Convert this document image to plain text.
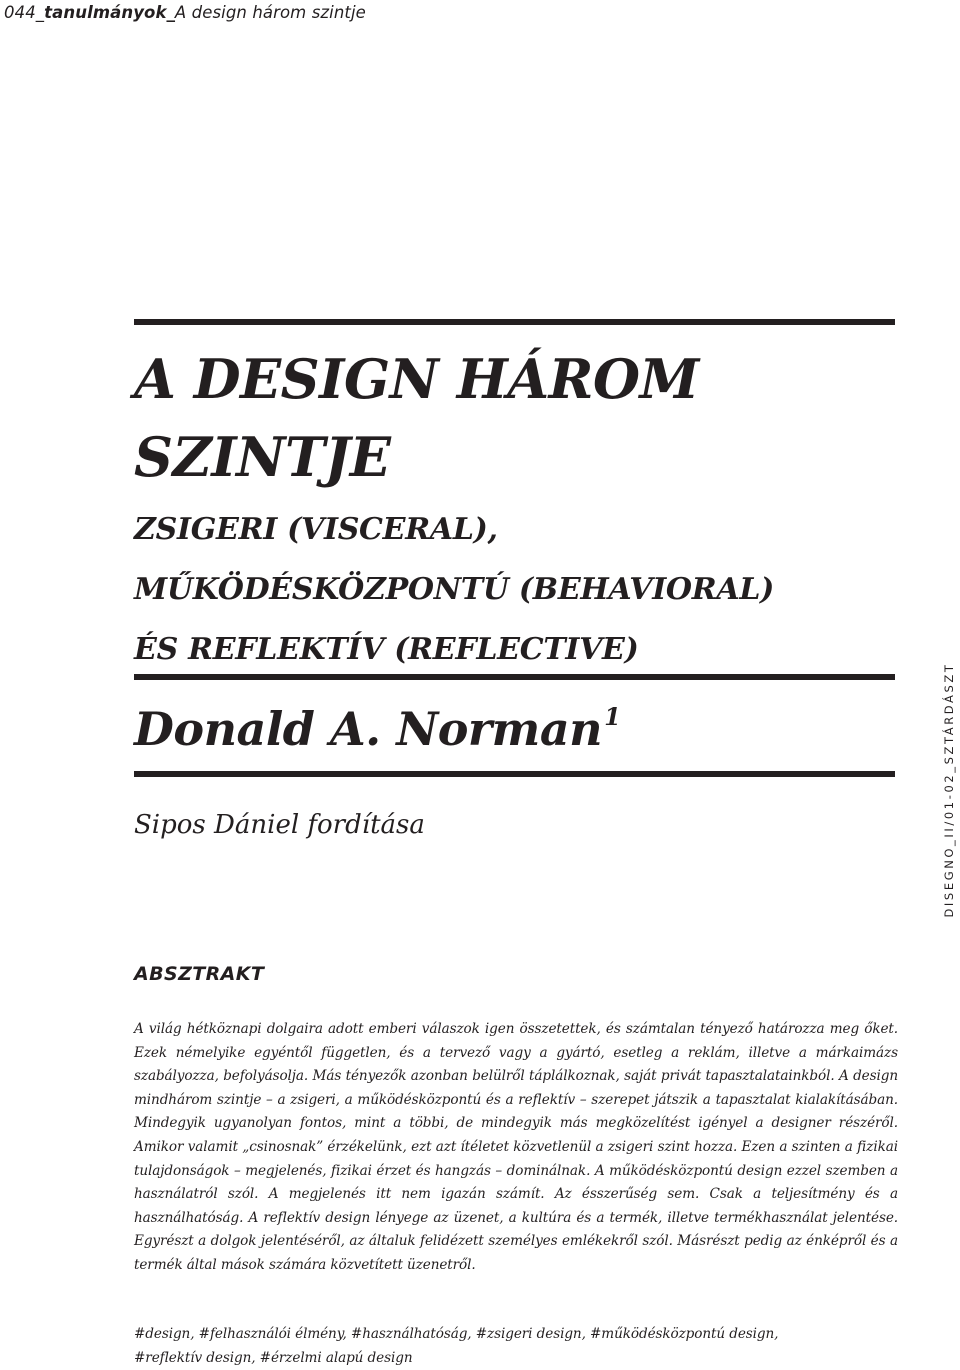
044_tanulmányok_A design három szintje
A DESIGN HÁROM
SZINTJE
ZSIGERI (VISCERAL),
MŰKÖDÉSKÖZPONTÚ (BEHAVIORAL)
ÉS REFLEKTÍV (REFLECTIVE)

Donald A. Norman$^1$

Sipos Dániel fordítása	DISEGNO_II/01-02_SZTÁRDÁSZT
ABSZTRAKT

A világ hétköznapi dolgaira adott emberi válaszok igen összetettek, és számtalan tényező határozza meg őket. Ezek némelyike egyéntől független, és a tervező vagy a gyártó, esetleg a reklám, illetve a márkaimázs szabályozza, befolyásolja. Más tényezők azonban belülről táplálkoznak, saját privát tapasztalatainkból. A design mindhárom szintje – a zsigeri, a működésközpontú és a reflektív – szerepet játszik a tapasztalat kialakításában. Mindegyik ugyanolyan fontos, mint a többi, de mindegyik más megközelítést igényel a designer részéről. Amikor valamit „csinosnak” érzékelünk, ezt azt ítéletet közvetlenül a zsigeri szint hozza. Ezen a szinten a fizikai tulajdonságok – megjelenés, fizikai érzet és hangzás – dominálnak. A működésközpontú design ezzel szemben a használatról szól. A megjelenés itt nem igazán számít. Az ésszerűség sem. Csak a teljesítmény és a használhatóság. A reflektív design lényege az üzenet, a kultúra és a termék, illetve termékhasználat jelentése. Egyrészt a dolgok jelentéséről, az általuk felidézett személyes emlékekről szól. Másrészt pedig az énképről és a termék által mások számára közvetített üzenetről.

#design, #felhasználói élmény, #használhatóság, #zsigeri design, #működésközpontú design,
#reflektív design, #érzelmi alapú design
